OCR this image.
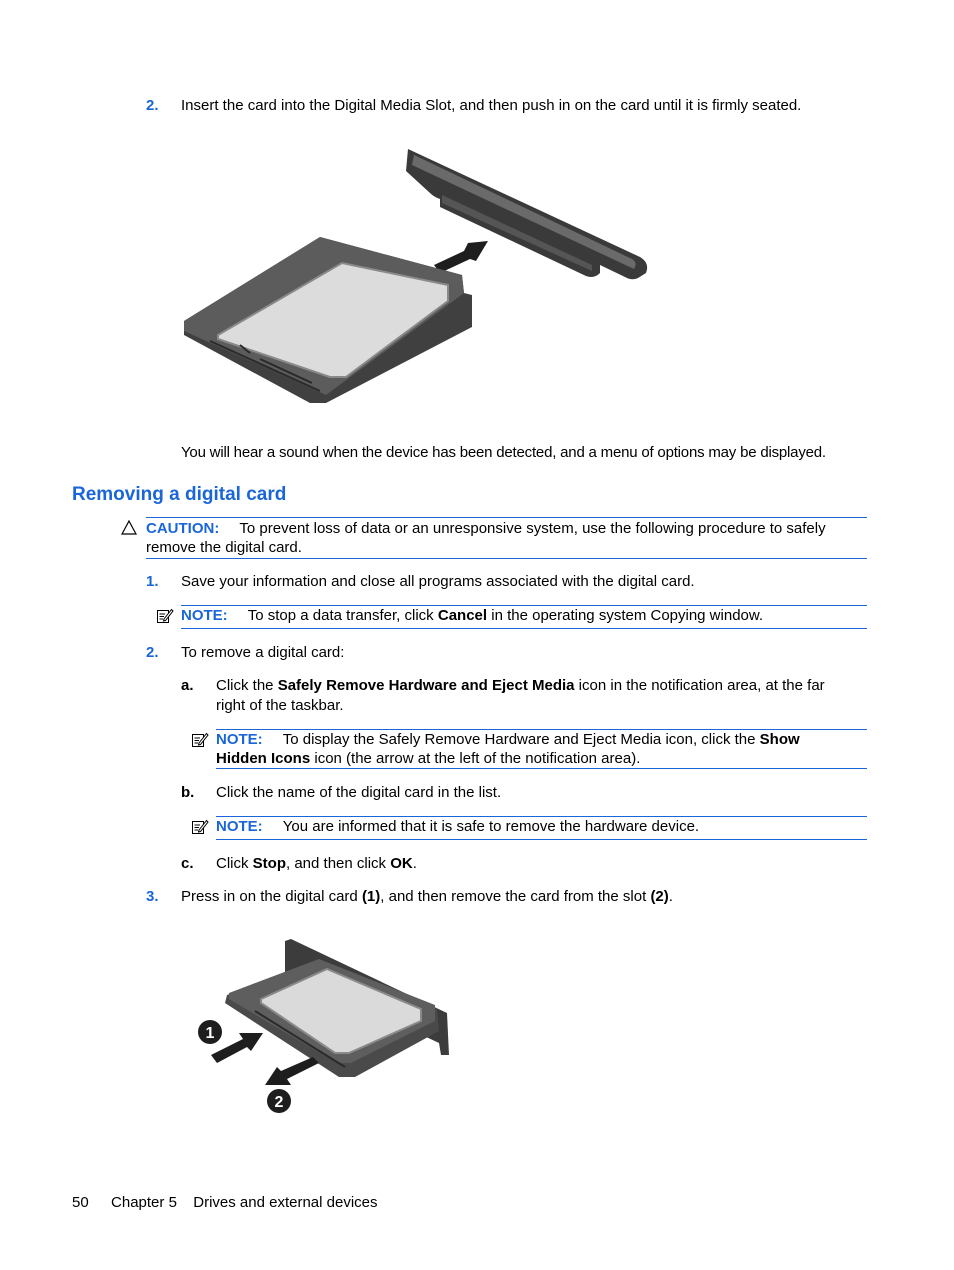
2. Insert the card into the Digital Media Slot, and then push in on the card until it is firmly seated.
You will hear a sound when the device has been detected, and a menu of options may be displayed.
Removing a digital card
CAUTION: To prevent loss of data or an unresponsive system, use the following procedure to safely
remove the digital card.
1. Save your information and close all programs associated with the digital card.
NOTE: To stop a data transfer, click Cancel in the operating system Copying window.
2. To remove a digital card:
a. Click the Safely Remove Hardware and Eject Media icon in the notification area, at the far
right of the taskbar.
NOTE: To display the Safely Remove Hardware and Eject Media icon, click the Show
Hidden Icons icon (the arrow at the left of the notification area).
b. Click the name of the digital card in the list.
NOTE: You are informed that it is safe to remove the hardware device.
c. Click Stop, and then click OK.
3. Press in on the digital card (1), and then remove the card from the slot (2).
1
2
50 Chapter 5 Drives and external devices
